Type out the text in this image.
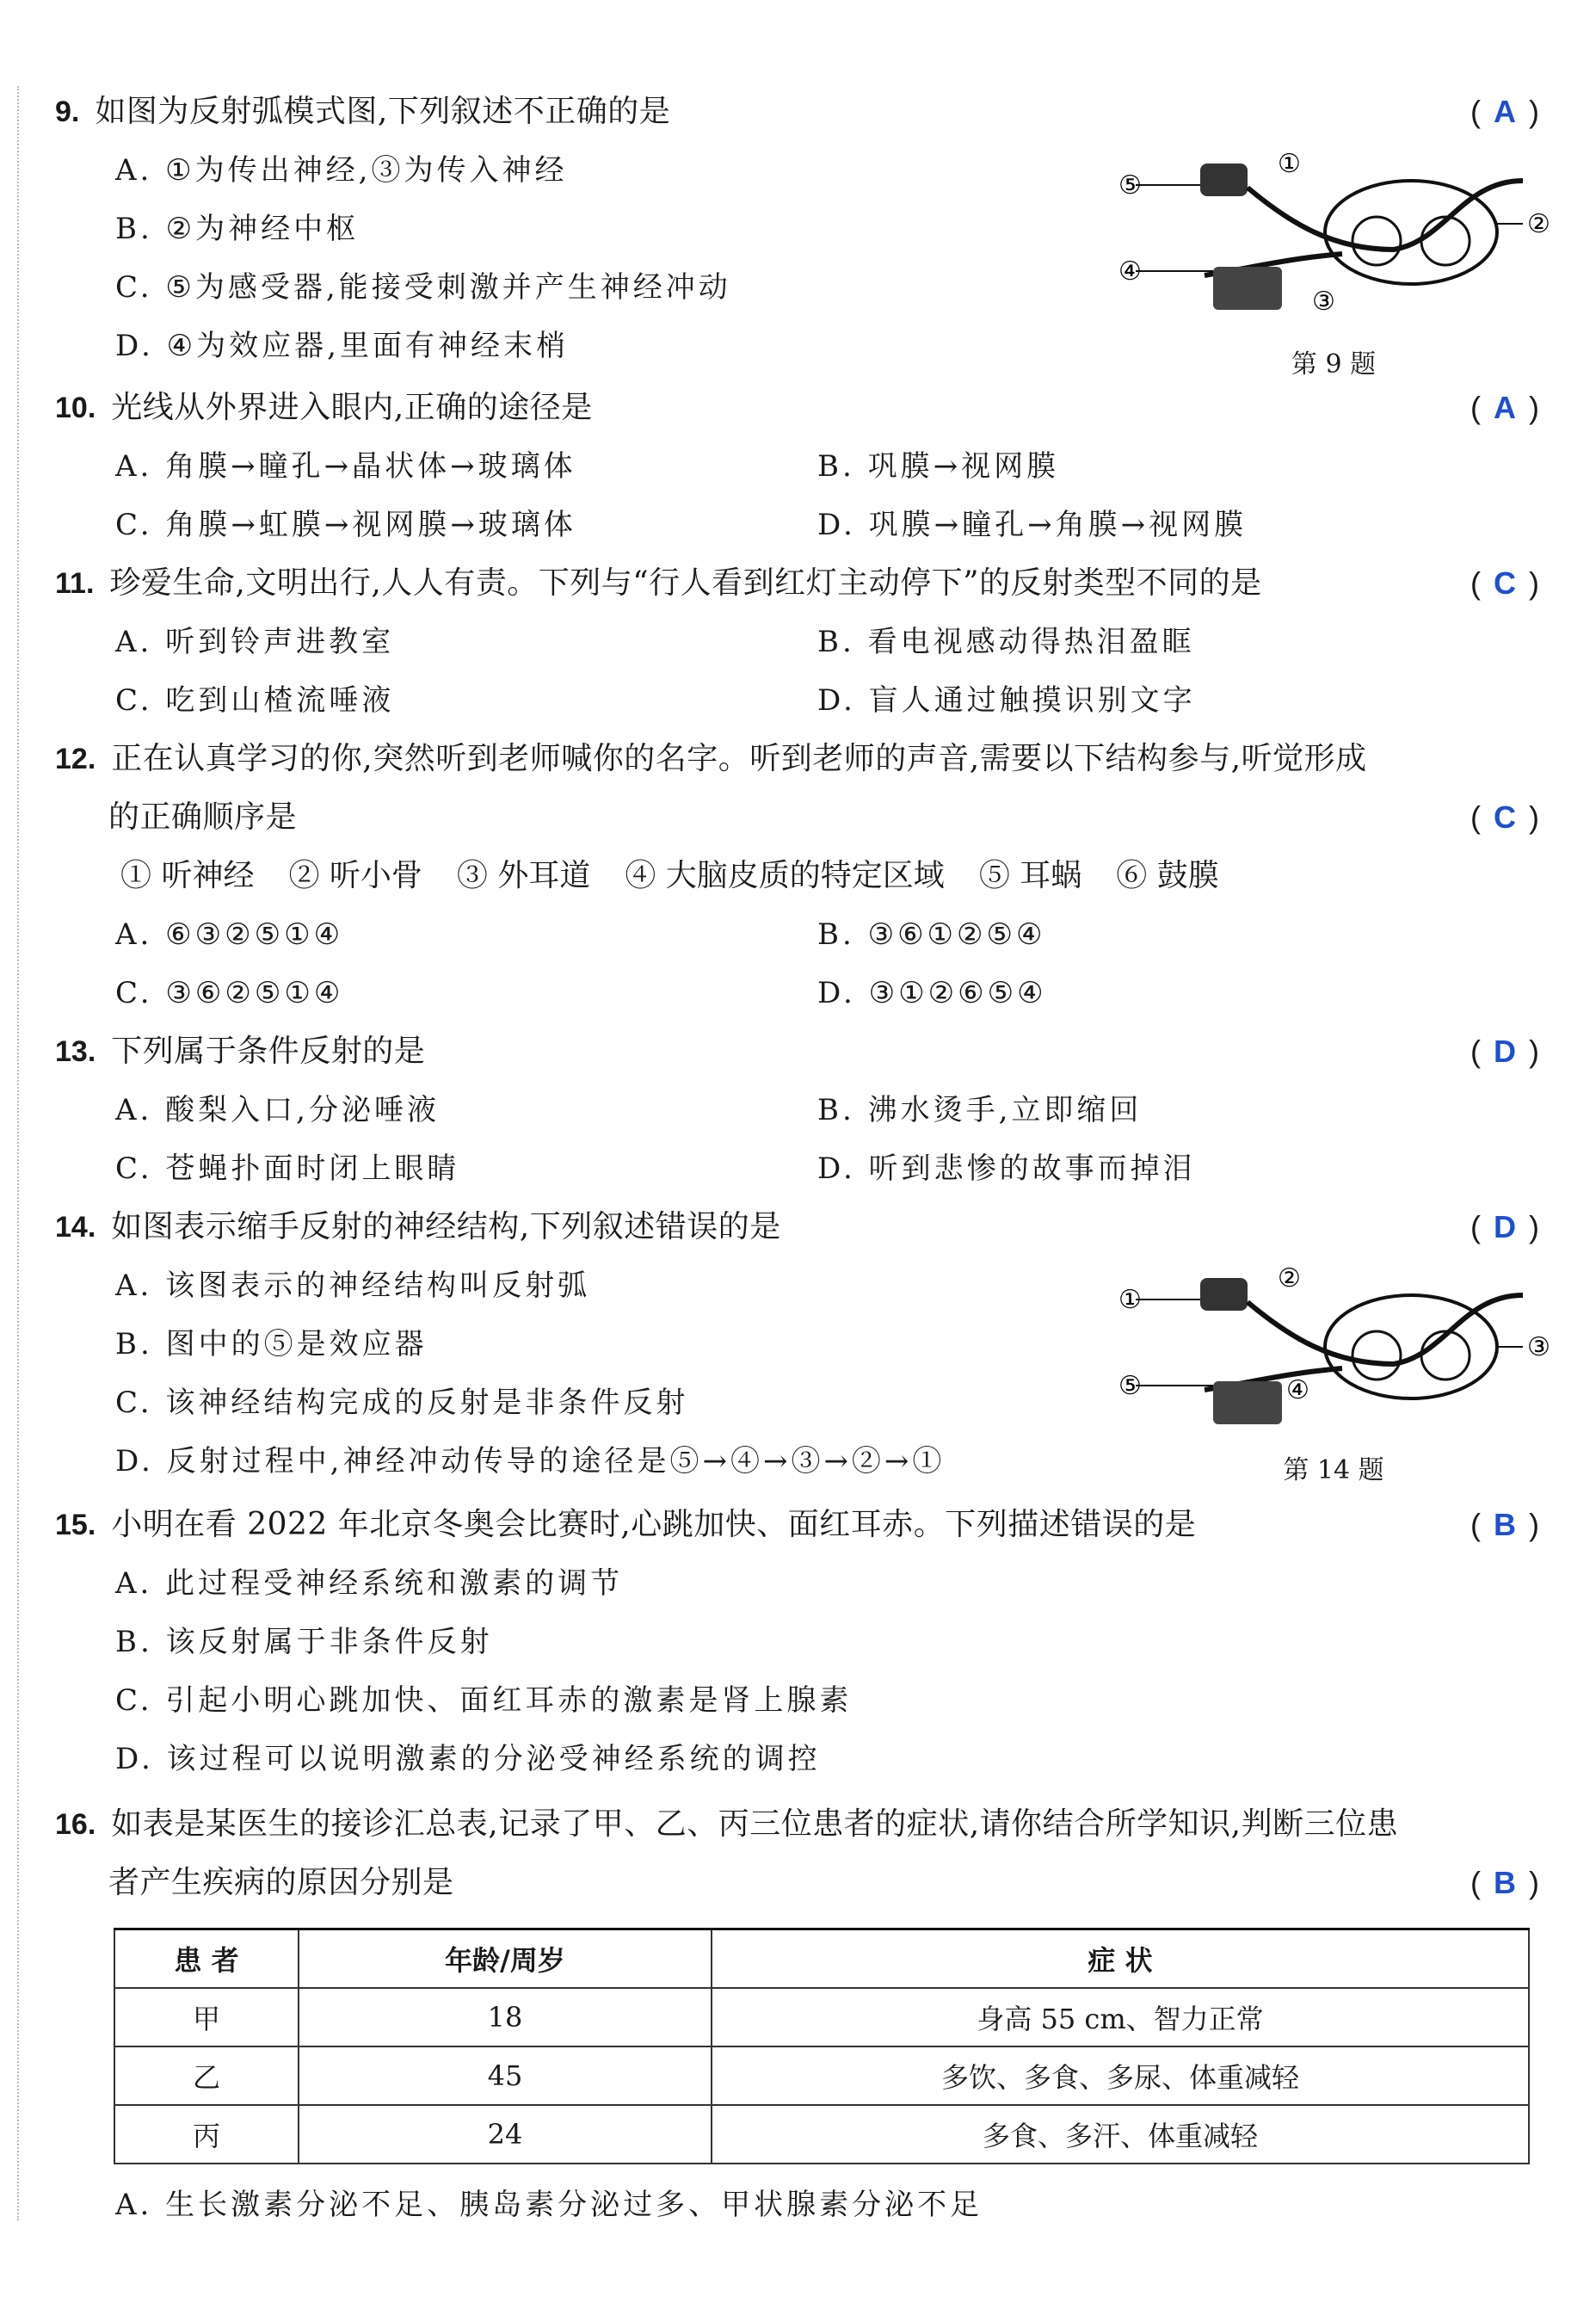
9. 如图为反射弧模式图,下列叙述不正确的是	( A )
A. ①为传出神经,③为传入神经
B. ②为神经中枢
C. ⑤为感受器,能接受刺激并产生神经冲动
D. ④为效应器,里面有神经末梢
⑤
①
②
④
③
第 9 题
10. 光线从外界进入眼内,正确的途径是	( A )
A. 角膜→瞳孔→晶状体→玻璃体	B. 巩膜→视网膜
C. 角膜→虹膜→视网膜→玻璃体	D. 巩膜→瞳孔→角膜→视网膜
11. 珍爱生命,文明出行,人人有责。下列与“行人看到红灯主动停下”的反射类型不同的是	( C )
A. 听到铃声进教室	B. 看电视感动得热泪盈眶
C. 吃到山楂流唾液	D. 盲人通过触摸识别文字
12. 正在认真学习的你,突然听到老师喊你的名字。听到老师的声音,需要以下结构参与,听觉形成
的正确顺序是	( C )
① 听神经 ② 听小骨 ③ 外耳道 ④ 大脑皮质的特定区域 ⑤ 耳蜗 ⑥ 鼓膜
A. ⑥③②⑤①④	B. ③⑥①②⑤④
C. ③⑥②⑤①④	D. ③①②⑥⑤④
13. 下列属于条件反射的是	( D )
A. 酸梨入口,分泌唾液	B. 沸水烫手,立即缩回
C. 苍蝇扑面时闭上眼睛	D. 听到悲惨的故事而掉泪
14. 如图表示缩手反射的神经结构,下列叙述错误的是	( D )
A. 该图表示的神经结构叫反射弧
B. 图中的⑤是效应器
C. 该神经结构完成的反射是非条件反射
D. 反射过程中,神经冲动传导的途径是⑤→④→③→②→①
②
①
③
⑤	④
第 14 题
15. 小明在看 2022 年北京冬奥会比赛时,心跳加快、面红耳赤。下列描述错误的是	( B )
A. 此过程受神经系统和激素的调节
B. 该反射属于非条件反射
C. 引起小明心跳加快、面红耳赤的激素是肾上腺素
D. 该过程可以说明激素的分泌受神经系统的调控
16. 如表是某医生的接诊汇总表,记录了甲、乙、丙三位患者的症状,请你结合所学知识,判断三位患
者产生疾病的原因分别是	( B )
患 者	年龄/周岁	症 状
甲	18	身高 55 cm、智力正常
乙	45	多饮、多食、多尿、体重减轻
丙	24	多食、多汗、体重减轻
A. 生长激素分泌不足、胰岛素分泌过多、甲状腺素分泌不足
